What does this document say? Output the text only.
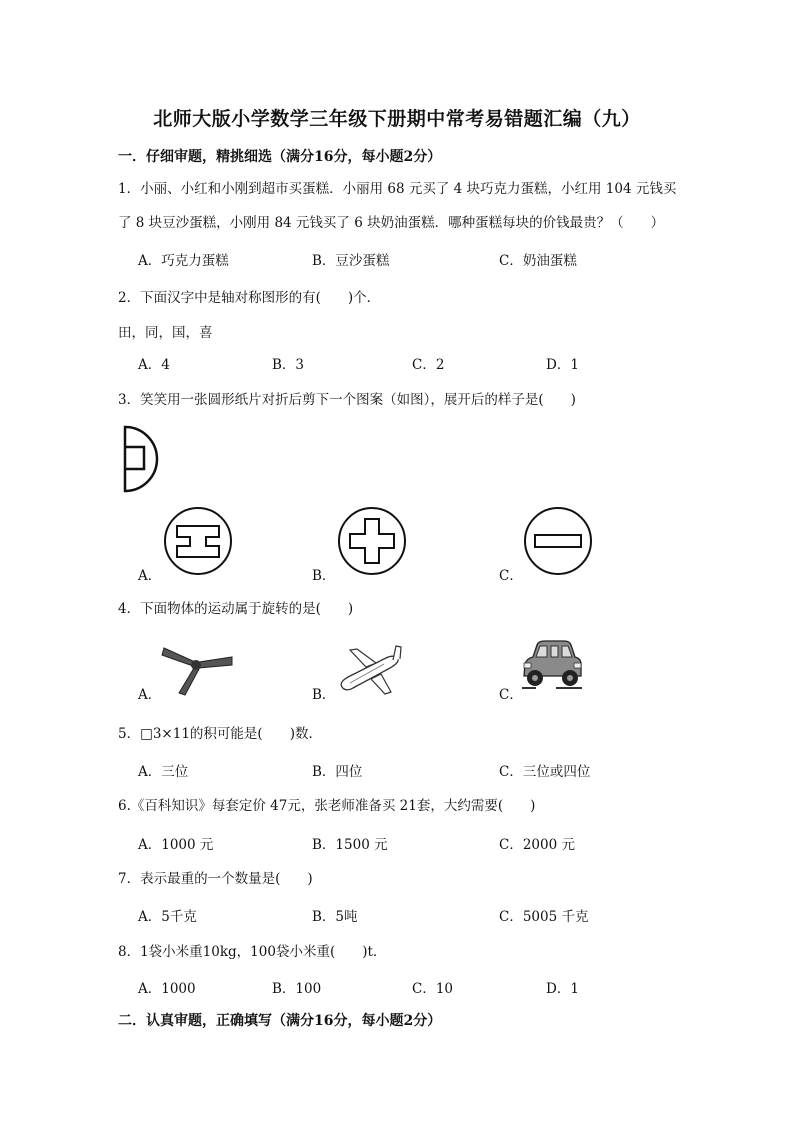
北师大版小学数学三年级下册期中常考易错题汇编（九）
一．仔细审题，精挑细选（满分16分，每小题2分）
1．小丽、小红和小刚到超市买蛋糕．小丽用 68 元买了 4 块巧克力蛋糕，小红用 104 元钱买
了 8 块豆沙蛋糕，小刚用 84 元钱买了 6 块奶油蛋糕．哪种蛋糕每块的价钱最贵？（　　）
A．巧克力蛋糕	B．豆沙蛋糕	C．奶油蛋糕
2．下面汉字中是轴对称图形的有(　　)个．
田，同，国，喜
A．4	B．3	C．2	D．1
3．笑笑用一张圆形纸片对折后剪下一个图案（如图），展开后的样子是(　　)
A．	B．	C．
4．下面物体的运动属于旋转的是(　　)
A．	B．	C．
5．□3×11的积可能是(　　)数．
A．三位	B．四位	C．三位或四位
6.《百科知识》每套定价 47元，张老师准备买 21套，大约需要(　　)
A．1000 元	B．1500 元	C．2000 元
7．表示最重的一个数量是(　　)
A．5千克	B．5吨	C．5005 千克
8．1袋小米重10kg，100袋小米重(　　)t．
A．1000	B．100	C．10	D．1
二．认真审题，正确填写（满分16分，每小题2分）
